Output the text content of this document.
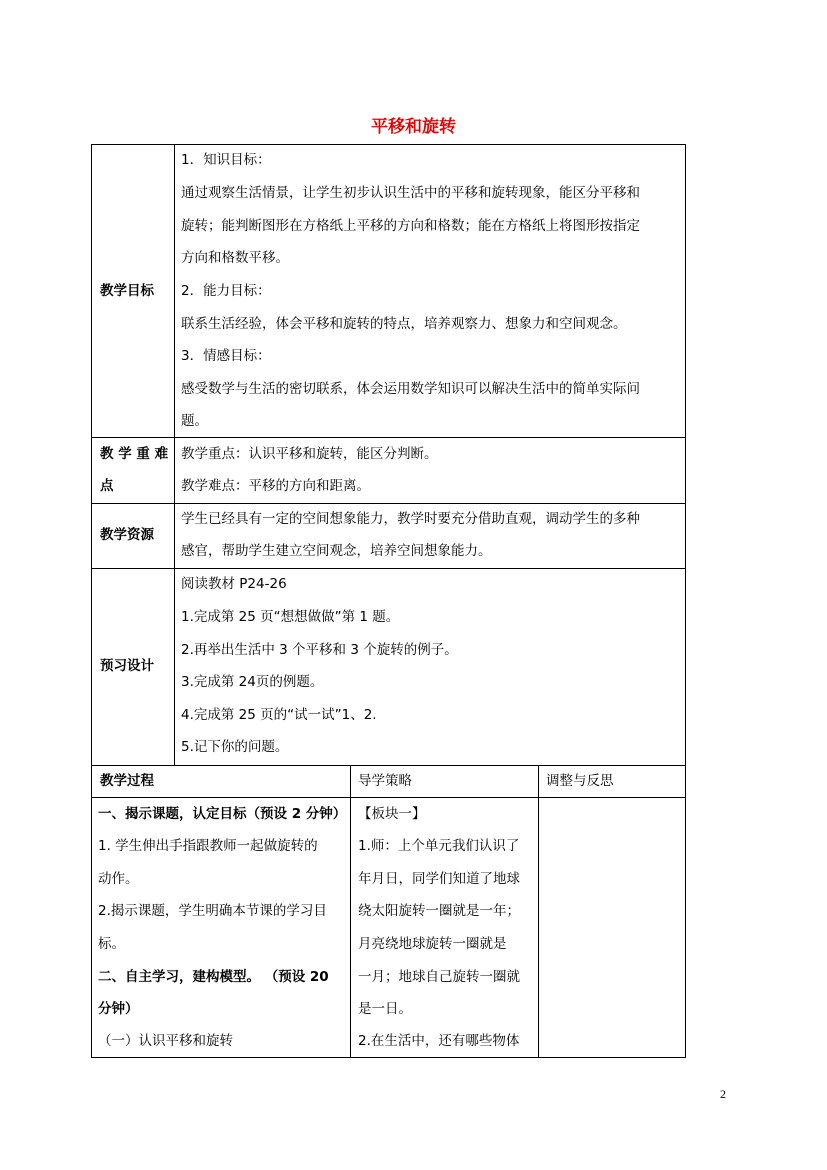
平移和旋转
教学目标
1．知识目标：
通过观察生活情景，让学生初步认识生活中的平移和旋转现象，能区分平移和
旋转；能判断图形在方格纸上平移的方向和格数；能在方格纸上将图形按指定
方向和格数平移。
2．能力目标：
联系生活经验，体会平移和旋转的特点，培养观察力、想象力和空间观念。
3．情感目标：
感受数学与生活的密切联系，体会运用数学知识可以解决生活中的简单实际问
题。
教 学 重 难
点
教学重点：认识平移和旋转，能区分判断。
教学难点：平移的方向和距离。
教学资源
学生已经具有一定的空间想象能力，教学时要充分借助直观，调动学生的多种
感官，帮助学生建立空间观念，培养空间想象能力。
预习设计
阅读教材 P24-26
1.完成第 25 页“想想做做”第 1 题。
2.再举出生活中 3 个平移和 3 个旋转的例子。
3.完成第 24页的例题。
4.完成第 25 页的“试一试”1、2.
5.记下你的问题。
教学过程	导学策略	调整与反思
一、揭示课题，认定目标（预设 2 分钟）
1. 学生伸出手指跟教师一起做旋转的
动作。
2.揭示课题，学生明确本节课的学习目
标。
二、自主学习，建构模型。 （预设 20
分钟）
（一）认识平移和旋转
【板块一】
1.师：上个单元我们认识了
年月日，同学们知道了地球
绕太阳旋转一圈就是一年；
月亮绕地球旋转一圈就是
一月；地球自己旋转一圈就
是一日。
2.在生活中，还有哪些物体
2
